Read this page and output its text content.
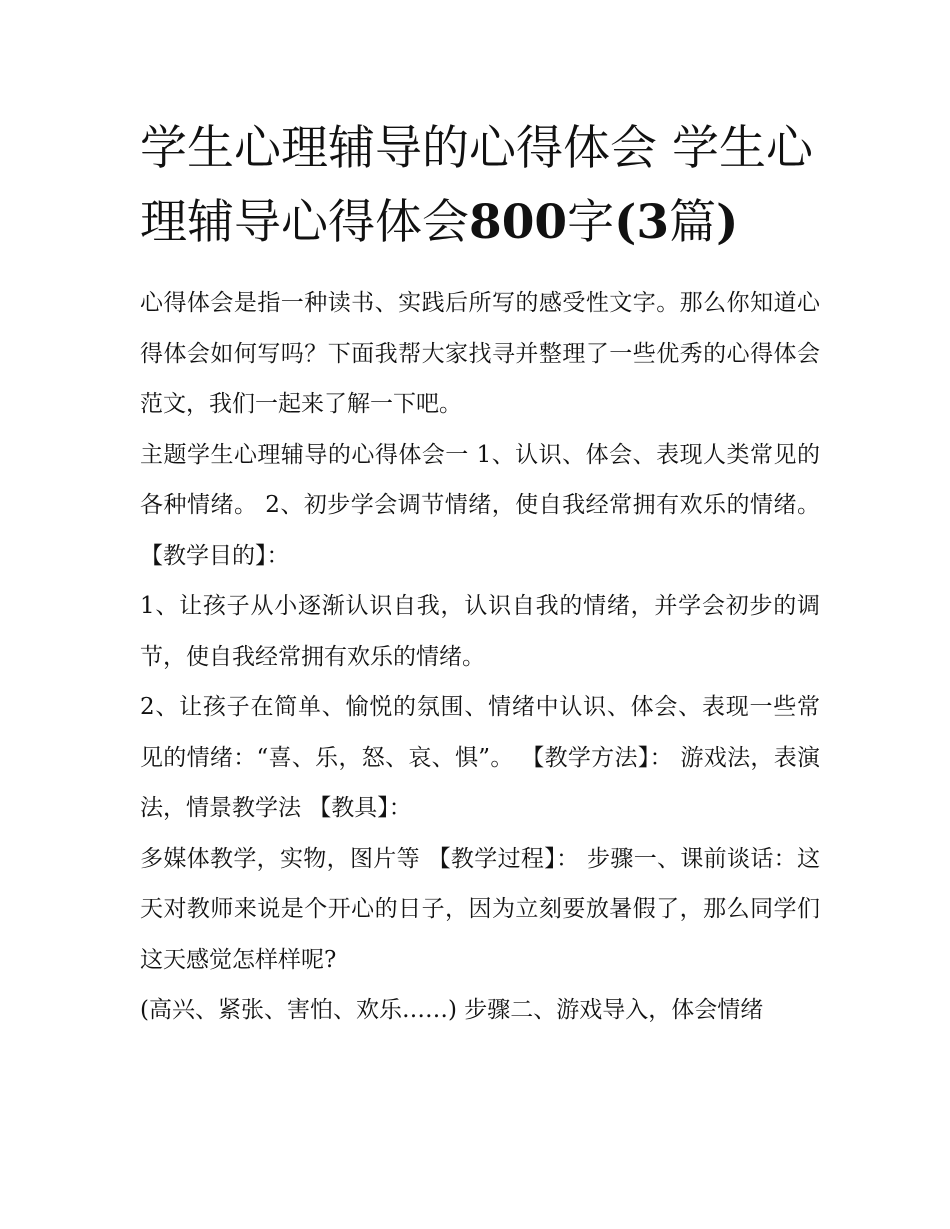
学生心理辅导的心得体会 学生心理辅导心得体会800字(3篇)

心得体会是指一种读书、实践后所写的感受性文字。那么你知道心得体会如何写吗？下面我帮大家找寻并整理了一些优秀的心得体会范文，我们一起来了解一下吧。

主题学生心理辅导的心得体会一 1、认识、体会、表现人类常见的各种情绪。 2、初步学会调节情绪，使自我经常拥有欢乐的情绪。 【教学目的】：

1、让孩子从小逐渐认识自我，认识自我的情绪，并学会初步的调节，使自我经常拥有欢乐的情绪。

2、让孩子在简单、愉悦的氛围、情绪中认识、体会、表现一些常见的情绪：“喜、乐，怒、哀、惧”。 【教学方法】： 游戏法，表演法，情景教学法 【教具】：

多媒体教学，实物，图片等 【教学过程】： 步骤一、课前谈话：这天对教师来说是个开心的日子，因为立刻要放暑假了，那么同学们这天感觉怎样样呢?

(高兴、紧张、害怕、欢乐……) 步骤二、游戏导入，体会情绪
